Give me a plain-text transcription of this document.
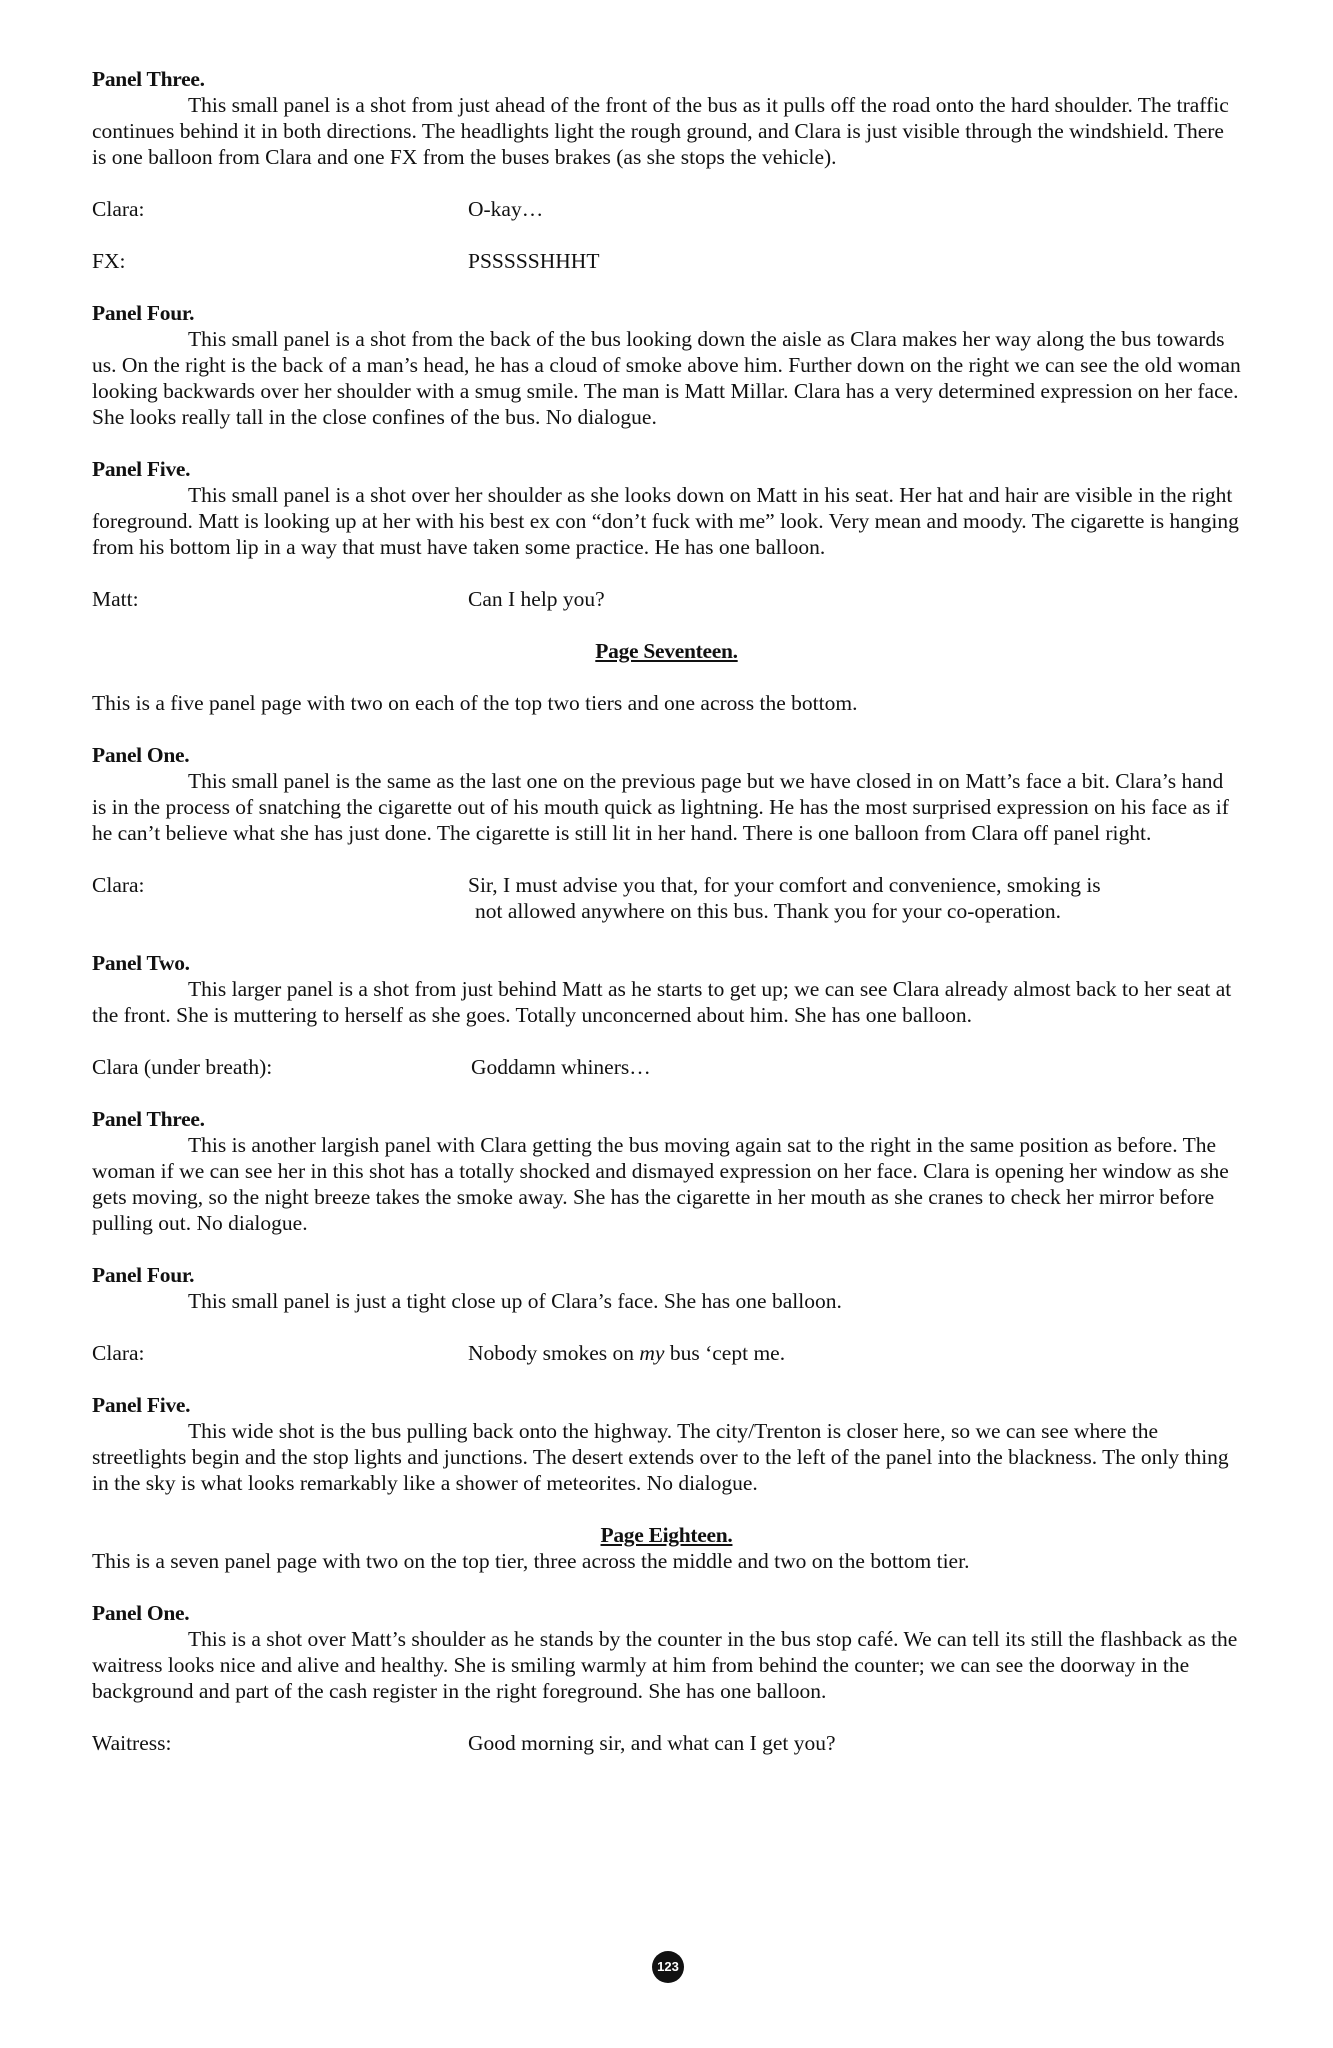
Panel Three.

This small panel is a shot from just ahead of the front of the bus as it pulls off the road onto the hard shoulder. The traffic continues behind it in both directions. The headlights light the rough ground, and Clara is just visible through the windshield. There is one balloon from Clara and one FX from the buses brakes (as she stops the vehicle).

Clara:	O-kay…
FX:	PSSSSSHHHT

Panel Four.

This small panel is a shot from the back of the bus looking down the aisle as Clara makes her way along the bus towards us. On the right is the back of a man’s head, he has a cloud of smoke above him. Further down on the right we can see the old woman looking backwards over her shoulder with a smug smile. The man is Matt Millar. Clara has a very determined expression on her face. She looks really tall in the close confines of the bus. No dialogue.

Panel Five.

This small panel is a shot over her shoulder as she looks down on Matt in his seat. Her hat and hair are visible in the right foreground. Matt is looking up at her with his best ex con “don’t fuck with me” look. Very mean and moody. The cigarette is hanging from his bottom lip in a way that must have taken some practice. He has one balloon.

Matt:	Can I help you?

Page Seventeen.

This is a five panel page with two on each of the top two tiers and one across the bottom.

Panel One.

This small panel is the same as the last one on the previous page but we have closed in on Matt’s face a bit. Clara’s hand is in the process of snatching the cigarette out of his mouth quick as lightning. He has the most surprised expression on his face as if he can’t believe what she has just done. The cigarette is still lit in her hand. There is one balloon from Clara off panel right.

Clara:	Sir, I must advise you that, for your comfort and convenience, smoking is
not allowed anywhere on this bus. Thank you for your co-operation.

Panel Two.

This larger panel is a shot from just behind Matt as he starts to get up; we can see Clara already almost back to her seat at the front. She is muttering to herself as she goes. Totally unconcerned about him. She has one balloon.

Clara (under breath):	Goddamn whiners…

Panel Three.

This is another largish panel with Clara getting the bus moving again sat to the right in the same position as before. The woman if we can see her in this shot has a totally shocked and dismayed expression on her face. Clara is opening her window as she gets moving, so the night breeze takes the smoke away. She has the cigarette in her mouth as she cranes to check her mirror before pulling out. No dialogue.

Panel Four.

This small panel is just a tight close up of Clara’s face. She has one balloon.

Clara:	Nobody smokes on my bus ‘cept me.

Panel Five.

This wide shot is the bus pulling back onto the highway. The city/Trenton is closer here, so we can see where the streetlights begin and the stop lights and junctions. The desert extends over to the left of the panel into the blackness. The only thing in the sky is what looks remarkably like a shower of meteorites. No dialogue.

Page Eighteen.

This is a seven panel page with two on the top tier, three across the middle and two on the bottom tier.

Panel One.

This is a shot over Matt’s shoulder as he stands by the counter in the bus stop café. We can tell its still the flashback as the waitress looks nice and alive and healthy. She is smiling warmly at him from behind the counter; we can see the doorway in the background and part of the cash register in the right foreground. She has one balloon.

Waitress:	Good morning sir, and what can I get you?
123
